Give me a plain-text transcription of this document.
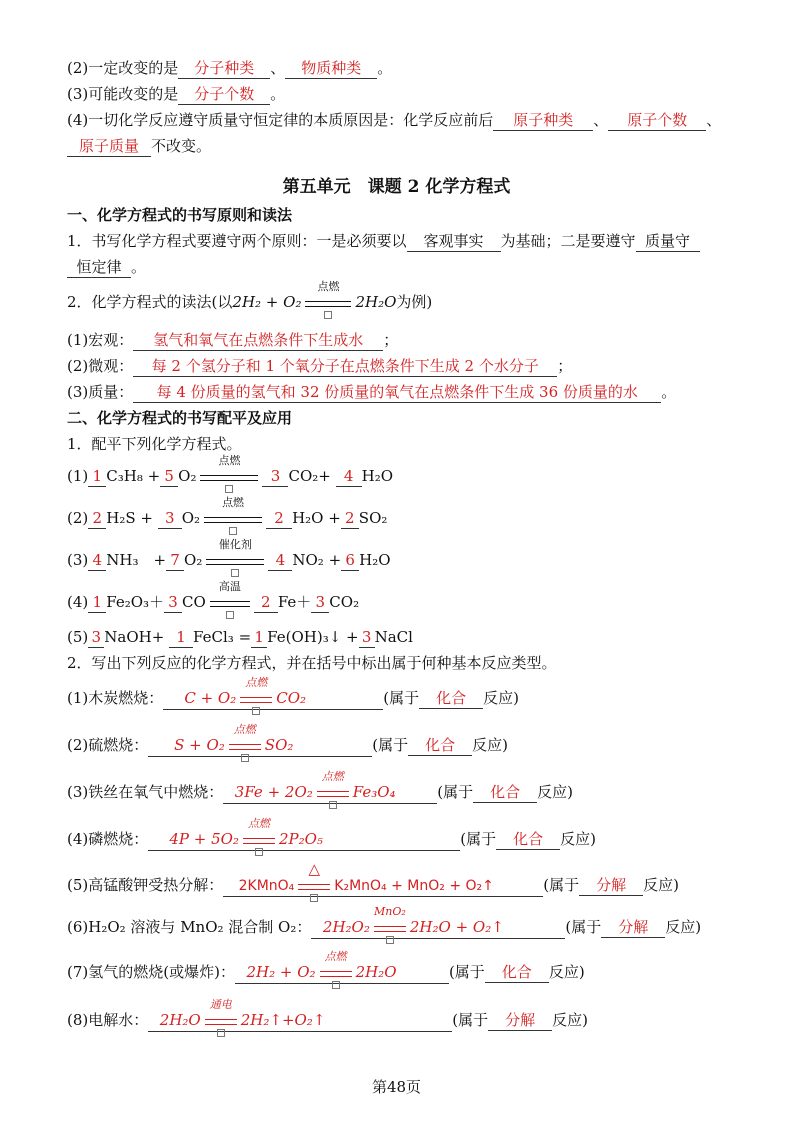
(2)一定改变的是 分子种类 、 物质种类 。
(3)可能改变的是 分子个数 。
(4)一切化学反应遵守质量守恒定律的本质原因是：化学反应前后 原子种类 、 原子个数 、
原子质量 不改变。
第五单元　课题 2 化学方程式
一、化学方程式的书写原则和读法
1．书写化学方程式要遵守两个原则：一是必须要以 客观事实 为基础；二是要遵守 质量守
恒定律 。
2．化学方程式的读法(以2H₂ + O₂
点燃
2H₂O为例)
(1)宏观： 氢气和氧气在点燃条件下生成水 ；
(2)微观： 每 2 个氢分子和 1 个氧分子在点燃条件下生成 2 个水分子 ；
(3)质量： 每 4 份质量的氢气和 32 份质量的氧气在点燃条件下生成 36 份质量的水 。
二、化学方程式的书写配平及应用
1．配平下列化学方程式。
(1) 1 C₃H₈ + 5 O₂
点燃
3 CO₂+ 4 H₂O
(2) 2 H₂S + 3 O₂
点燃
2 H₂O + 2 SO₂
(3) 4 NH₃　+ 7 O₂
催化剂
4 NO₂ + 6 H₂O
(4) 1 Fe₂O₃＋ 3 CO
高温
2 Fe＋ 3 CO₂
(5) 3 NaOH+ 1 FeCl₃ = 1 Fe(OH)₃↓ + 3 NaCl
2．写出下列反应的化学方程式，并在括号中标出属于何种基本反应类型。
(1)木炭燃烧： C + O₂
点燃
CO₂	(属于 化合 反应)
(2)硫燃烧： S + O₂
点燃
SO₂	(属于 化合 反应)
(3)铁丝在氧气中燃烧： 3Fe + 2O₂
点燃
Fe₃O₄	(属于 化合 反应)
(4)磷燃烧： 4P + 5O₂
点燃
2P₂O₅	(属于 化合 反应)
(5)高锰酸钾受热分解： 2KMnO₄
△
K₂MnO₄ + MnO₂ + O₂↑	(属于 分解 反应)
(6)H₂O₂ 溶液与 MnO₂ 混合制 O₂： 2H₂O₂
MnO₂
2H₂O + O₂↑	(属于 分解 反应)
(7)氢气的燃烧(或爆炸)： 2H₂ + O₂
点燃
2H₂O	(属于 化合 反应)
(8)电解水： 2H₂O
通电
2H₂↑+O₂↑	(属于 分解 反应)
第48页
